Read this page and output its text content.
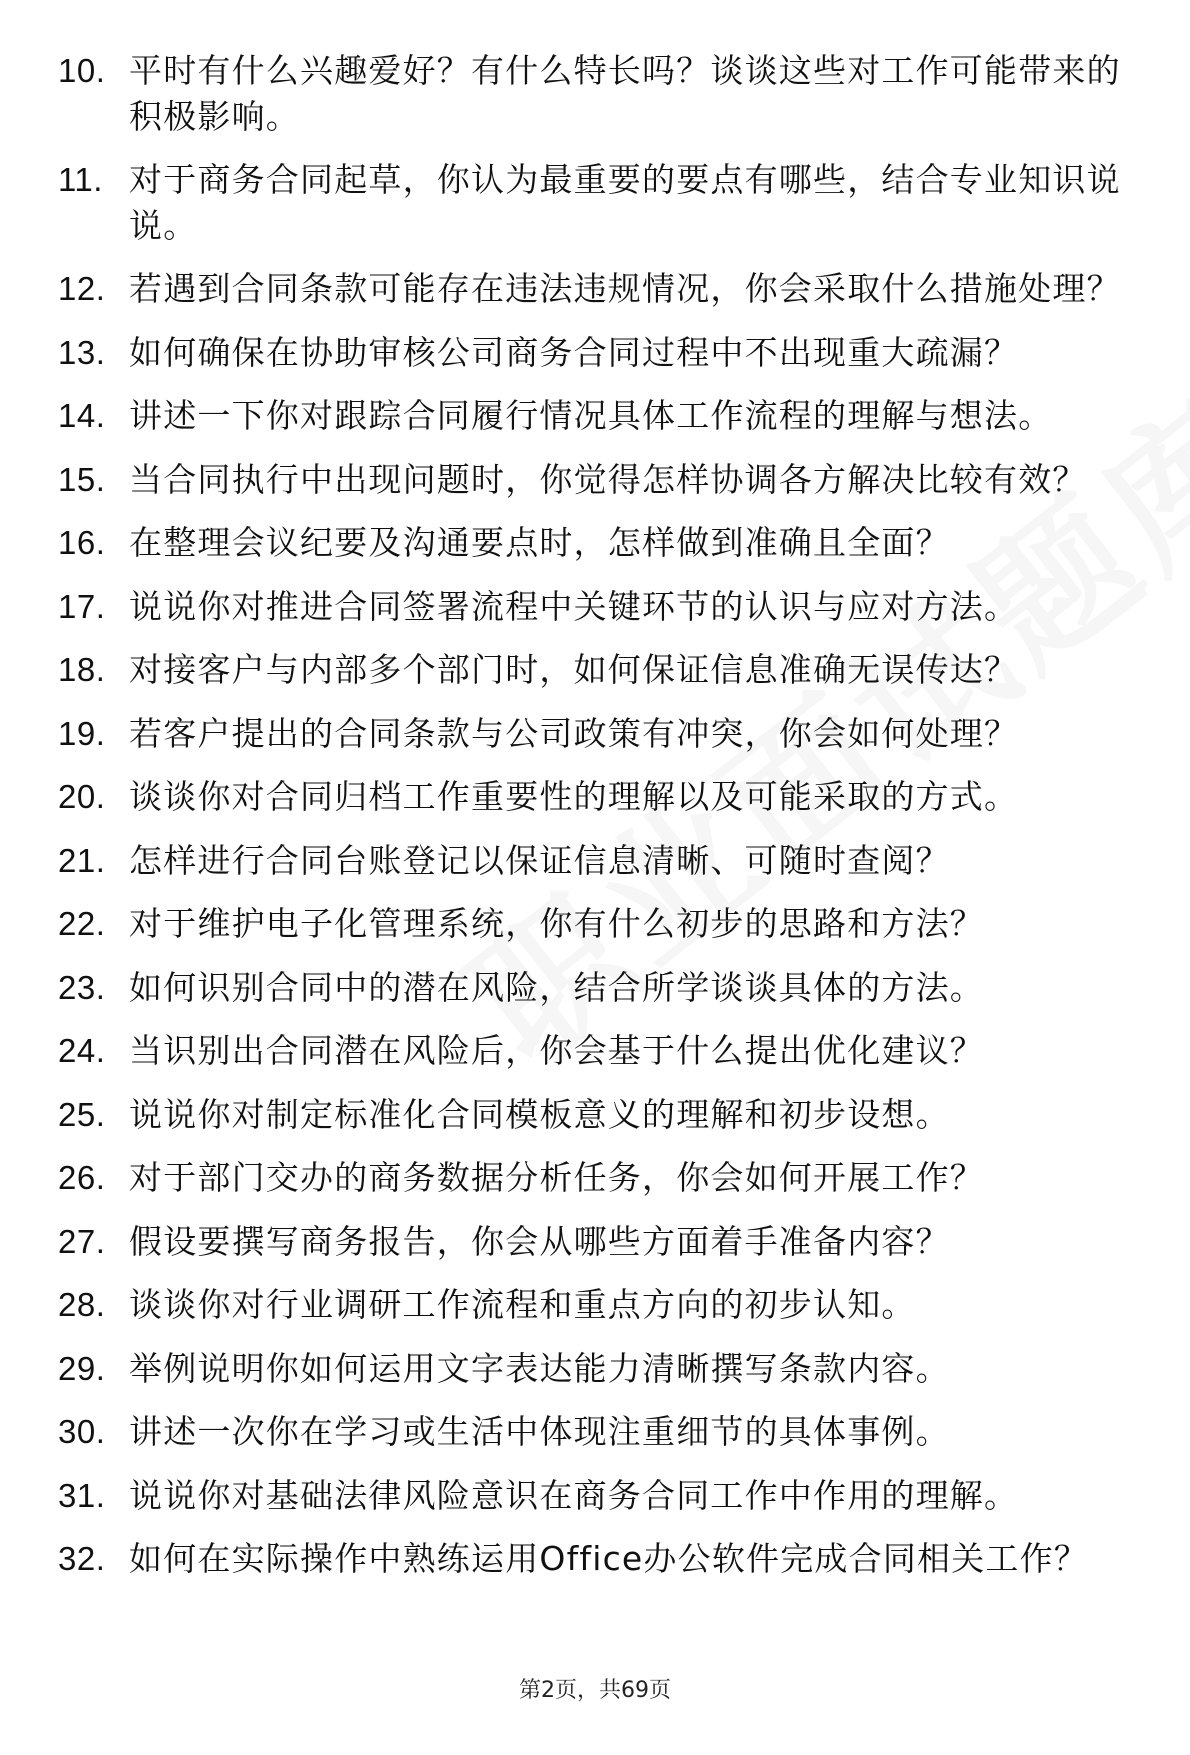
10. 平时有什么兴趣爱好？有什么特长吗？谈谈这些对工作可能带来的积极影响。
11. 对于商务合同起草，你认为最重要的要点有哪些，结合专业知识说说。
12. 若遇到合同条款可能存在违法违规情况，你会采取什么措施处理？
13. 如何确保在协助审核公司商务合同过程中不出现重大疏漏？
14. 讲述一下你对跟踪合同履行情况具体工作流程的理解与想法。
15. 当合同执行中出现问题时，你觉得怎样协调各方解决比较有效？
16. 在整理会议纪要及沟通要点时，怎样做到准确且全面？
17. 说说你对推进合同签署流程中关键环节的认识与应对方法。
18. 对接客户与内部多个部门时，如何保证信息准确无误传达？
19. 若客户提出的合同条款与公司政策有冲突，你会如何处理？
20. 谈谈你对合同归档工作重要性的理解以及可能采取的方式。
21. 怎样进行合同台账登记以保证信息清晰、可随时查阅？
22. 对于维护电子化管理系统，你有什么初步的思路和方法？
23. 如何识别合同中的潜在风险，结合所学谈谈具体的方法。
24. 当识别出合同潜在风险后，你会基于什么提出优化建议？
25. 说说你对制定标准化合同模板意义的理解和初步设想。
26. 对于部门交办的商务数据分析任务，你会如何开展工作？
27. 假设要撰写商务报告，你会从哪些方面着手准备内容？
28. 谈谈你对行业调研工作流程和重点方向的初步认知。
29. 举例说明你如何运用文字表达能力清晰撰写条款内容。
30. 讲述一次你在学习或生活中体现注重细节的具体事例。
31. 说说你对基础法律风险意识在商务合同工作中作用的理解。
32. 如何在实际操作中熟练运用Office办公软件完成合同相关工作？
第2页，共69页
